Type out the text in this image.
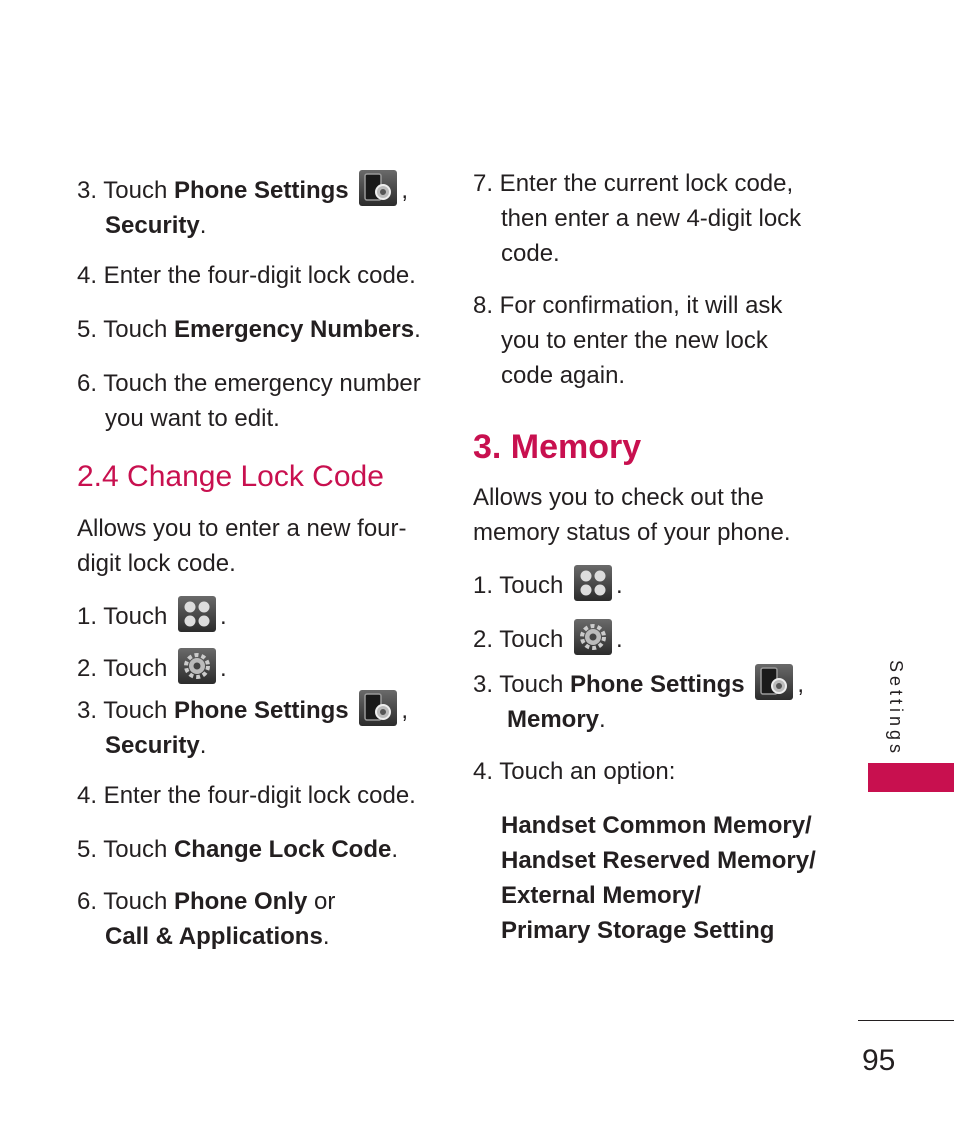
3. Touch Phone Settings ,
Security.
4. Enter the four-digit lock code.
5. Touch Emergency Numbers.
6. Touch the emergency number
you want to edit.
2.4 Change Lock Code
Allows you to enter a new four-
digit lock code.
1. Touch
.
2. Touch
.
3. Touch Phone Settings ,
Security.
4. Enter the four-digit lock code.
5. Touch Change Lock Code.
6. Touch Phone Only or
Call & Applications.
7. Enter the current lock code,
then enter a new 4-digit lock
code.
8. For confirmation, it will ask
you to enter the new lock
code again.
3. Memory
Allows you to check out the
memory status of your phone.
1. Touch
.
2. Touch
.
3. Touch Phone Settings ,
Memory.
4. Touch an option:
Handset Common Memory/
Handset Reserved Memory/
External Memory/
Primary Storage Setting
Settings
95
